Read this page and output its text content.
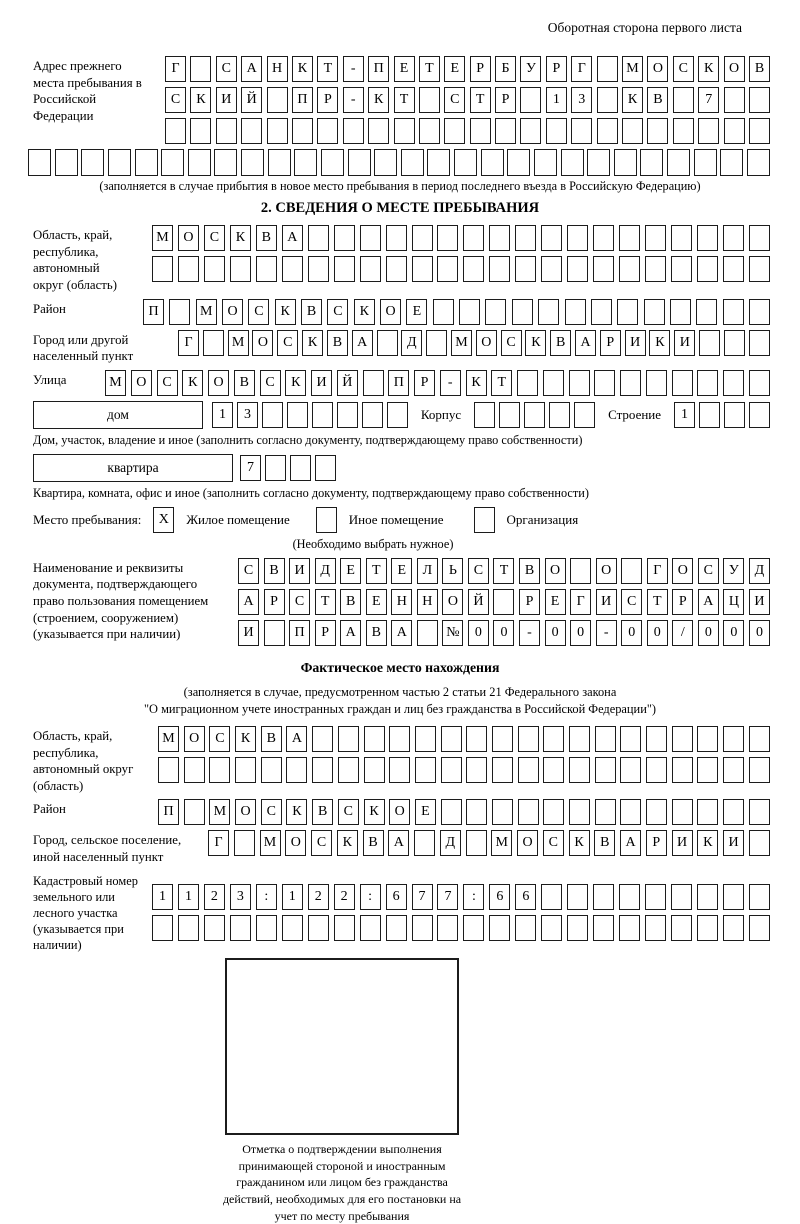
Оборотная сторона первого листа
Адрес прежнего места пребывания в Российской Федерации
Г	С	А	Н	К	Т	-	П	Е	Т	Е	Р	Б	У	Р	Г	М	О	С	К	О	В
С	К	И	Й	П	Р	-	К	Т	С	Т	Р	1	3	К	В	7
(заполняется в случае прибытия в новое место пребывания в период последнего въезда в Российскую Федерацию)
2. СВЕДЕНИЯ О МЕСТЕ ПРЕБЫВАНИЯ
Область, край, республика, автономный округ (область)
М	О	С	К	В	А
Район	П	М	О	С	К	В	С	К	О	Е
Город или другой населенный пункт
Г	М О	С	К	В	А	Д	М О	С	К	В	А	Р	И	К	И
Улица	М	О	С	К	О	В	С	К	И	Й	П	Р	-	К	Т
дом	1	3	Корпус	Строение	1
Дом, участок, владение и иное (заполнить согласно документу, подтверждающему право собственности)
квартира	7
Квартира, комната, офис и иное (заполнить согласно документу, подтверждающему право собственности)
Место пребывания:	X	Жилое помещение	Иное помещение	Организация
(Необходимо выбрать нужное)
Наименование и реквизиты документа, подтверждающего право пользования помещением (строением, сооружением) (указывается при наличии)
С	В	И	Д	Е	Т	Е	Л	Ь	С	Т	В	О	О	Г	О	С	У	Д
А	Р	С	Т	В	Е	Н	Н	О	Й	Р	Е	Г	И	С	Т	Р	А	Ц	И
И	П	Р	А	В	А	№	0	0	-	0	0	-	0	0	/	0	0	0
Фактическое место нахождения
(заполняется в случае, предусмотренном частью 2 статьи 21 Федерального закона
"О миграционном учете иностранных граждан и лиц без гражданства в Российской Федерации")
Область, край, республика, автономный округ (область)
М	О	С	К	В	А
Район	П	М	О	С	К	В	С	К	О	Е
Город, сельское поселение, иной населенный пункт
Г	М	О	С	К	В	А	Д	М	О	С	К	В	А	Р	И	К	И
Кадастровый номер земельного или лесного участка (указывается при наличии)
1	1	2	3	:	1	2	2	:	6	7	7	:	6	6
Отметка о подтверждении выполнения принимающей стороной и иностранным гражданином или лицом без гражданства действий, необходимых для его постановки на учет по месту пребывания
